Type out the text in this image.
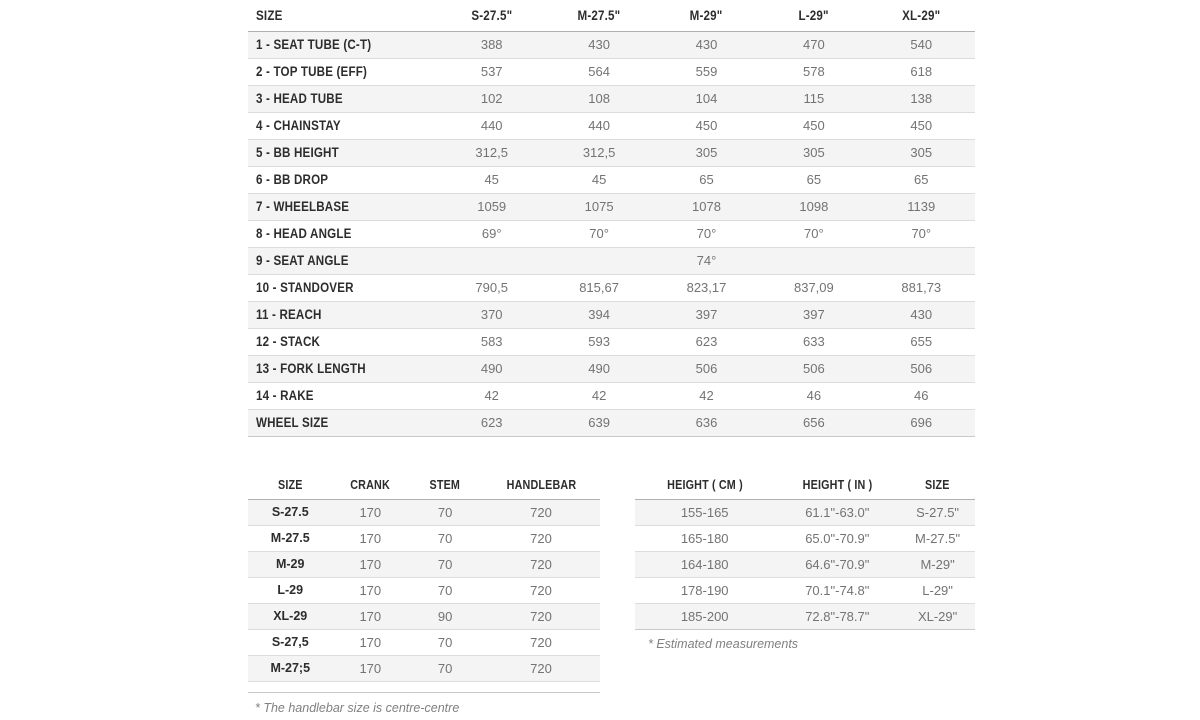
SIZE	S-27.5"	M-27.5"	M-29"	L-29"	XL-29"
1 - SEAT TUBE (C-T)	388	430	430	470	540
2 - TOP TUBE (EFF)	537	564	559	578	618
3 - HEAD TUBE	102	108	104	115	138
4 - CHAINSTAY	440	440	450	450	450
5 - BB HEIGHT	312,5	312,5	305	305	305
6 - BB DROP	45	45	65	65	65
7 - WHEELBASE	1059	1075	1078	1098	1139
8 - HEAD ANGLE	69°	70°	70°	70°	70°
9 - SEAT ANGLE			74°		
10 - STANDOVER	790,5	815,67	823,17	837,09	881,73
11 - REACH	370	394	397	397	430
12 - STACK	583	593	623	633	655
13 - FORK LENGTH	490	490	506	506	506
14 - RAKE	42	42	42	46	46
WHEEL SIZE	623	639	636	656	696
SIZE	CRANK	STEM	HANDLEBAR
S-27.5	170	70	720
M-27.5	170	70	720
M-29	170	70	720
L-29	170	70	720
XL-29	170	90	720
S-27,5	170	70	720
M-27;5	170	70	720

* The handlebar size is centre-centre
HEIGHT ( CM )	HEIGHT ( IN )	SIZE
155-165	61.1"-63.0"	S-27.5"
165-180	65.0"-70.9"	M-27.5"
164-180	64.6"-70.9"	M-29"
178-190	70.1"-74.8"	L-29"
185-200	72.8"-78.7"	XL-29"
* Estimated measurements
